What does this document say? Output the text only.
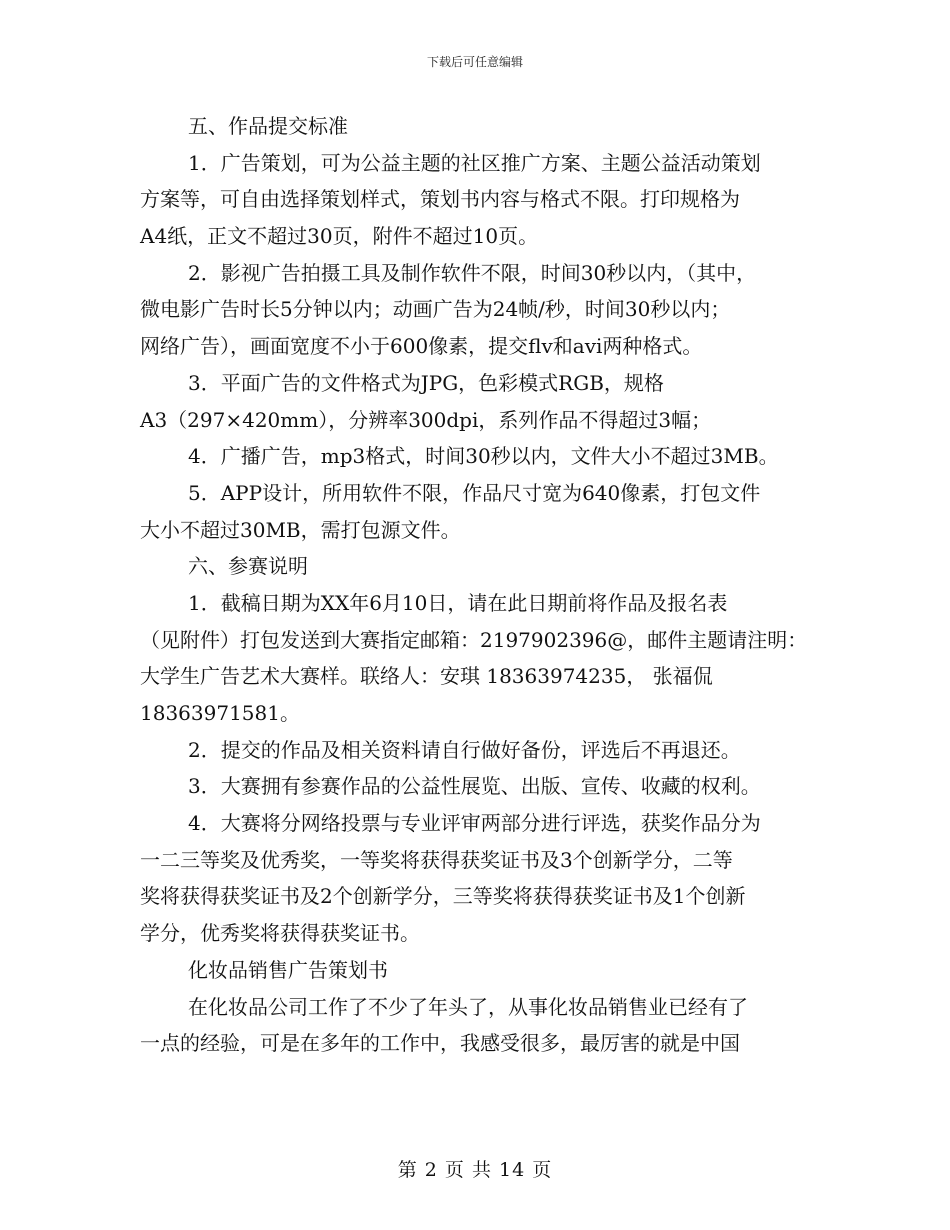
下载后可任意编辑
五、作品提交标准
1．广告策划，可为公益主题的社区推广方案、主题公益活动策划
方案等，可自由选择策划样式，策划书内容与格式不限。打印规格为
A4纸，正文不超过30页，附件不超过10页。
2．影视广告拍摄工具及制作软件不限，时间30秒以内，（其中，
微电影广告时长5分钟以内；动画广告为24帧/秒，时间30秒以内；
网络广告），画面宽度不小于600像素，提交flv和avi两种格式。
3．平面广告的文件格式为JPG，色彩模式RGB，规格
A3（297×420mm），分辨率300dpi，系列作品不得超过3幅；
4．广播广告，mp3格式，时间30秒以内，文件大小不超过3MB。
5．APP设计，所用软件不限，作品尺寸宽为640像素，打包文件
大小不超过30MB，需打包源文件。
六、参赛说明
1．截稿日期为XX年6月10日，请在此日期前将作品及报名表
（见附件）打包发送到大赛指定邮箱：2197902396@，邮件主题请注明：
大学生广告艺术大赛样。联络人：安琪 18363974235， 张福侃
18363971581。
2．提交的作品及相关资料请自行做好备份，评选后不再退还。
3．大赛拥有参赛作品的公益性展览、出版、宣传、收藏的权利。
4．大赛将分网络投票与专业评审两部分进行评选，获奖作品分为
一二三等奖及优秀奖，一等奖将获得获奖证书及3个创新学分，二等
奖将获得获奖证书及2个创新学分，三等奖将获得获奖证书及1个创新
学分，优秀奖将获得获奖证书。
化妆品销售广告策划书
在化妆品公司工作了不少了年头了，从事化妆品销售业已经有了
一点的经验，可是在多年的工作中，我感受很多，最厉害的就是中国
第 2 页 共 14 页
